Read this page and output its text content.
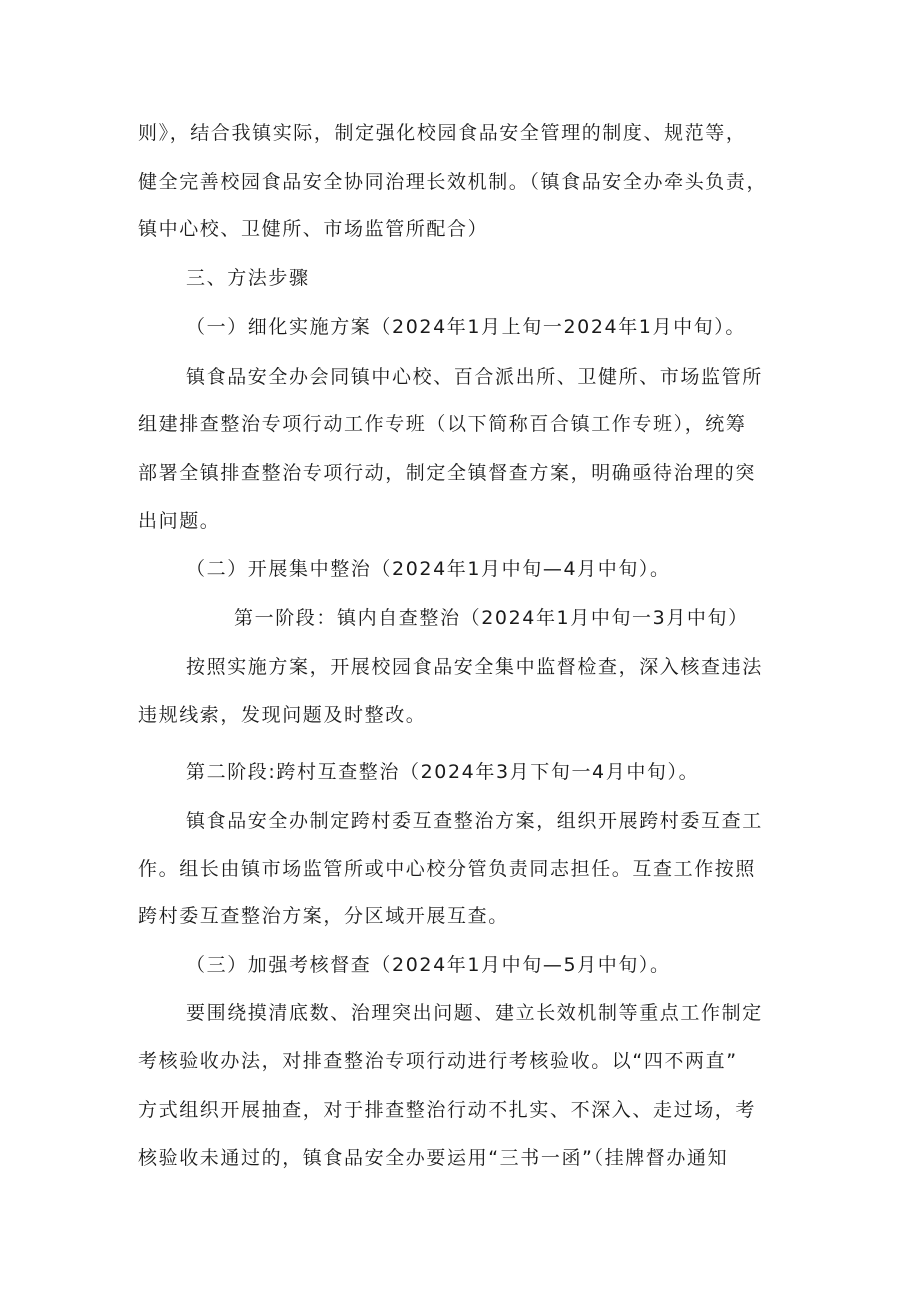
则》，结合我镇实际，制定强化校园食品安全管理的制度、规范等，
健全完善校园食品安全协同治理长效机制。（镇食品安全办牵头负责，
镇中心校、卫健所、市场监管所配合）
三、方法步骤
（一）细化实施方案（2024年1月上旬一2024年1月中旬）。
镇食品安全办会同镇中心校、百合派出所、卫健所、市场监管所
组建排查整治专项行动工作专班（以下简称百合镇工作专班），统筹
部署全镇排查整治专项行动，制定全镇督查方案，明确亟待治理的突
出问题。
（二）开展集中整治（2024年1月中旬—4月中旬）。
第一阶段：镇内自查整治（2024年1月中旬一3月中旬）
按照实施方案，开展校园食品安全集中监督检查，深入核查违法
违规线索，发现问题及时整改。
第二阶段:跨村互查整治（2024年3月下旬一4月中旬）。
镇食品安全办制定跨村委互查整治方案，组织开展跨村委互查工
作。组长由镇市场监管所或中心校分管负责同志担任。互查工作按照
跨村委互查整治方案，分区域开展互查。
（三）加强考核督查（2024年1月中旬—5月中旬）。
要围绕摸清底数、治理突出问题、建立长效机制等重点工作制定
考核验收办法，对排查整治专项行动进行考核验收。以“四不两直”
方式组织开展抽查，对于排查整治行动不扎实、不深入、走过场，考
核验收未通过的，镇食品安全办要运用“三书一函”（挂牌督办通知
